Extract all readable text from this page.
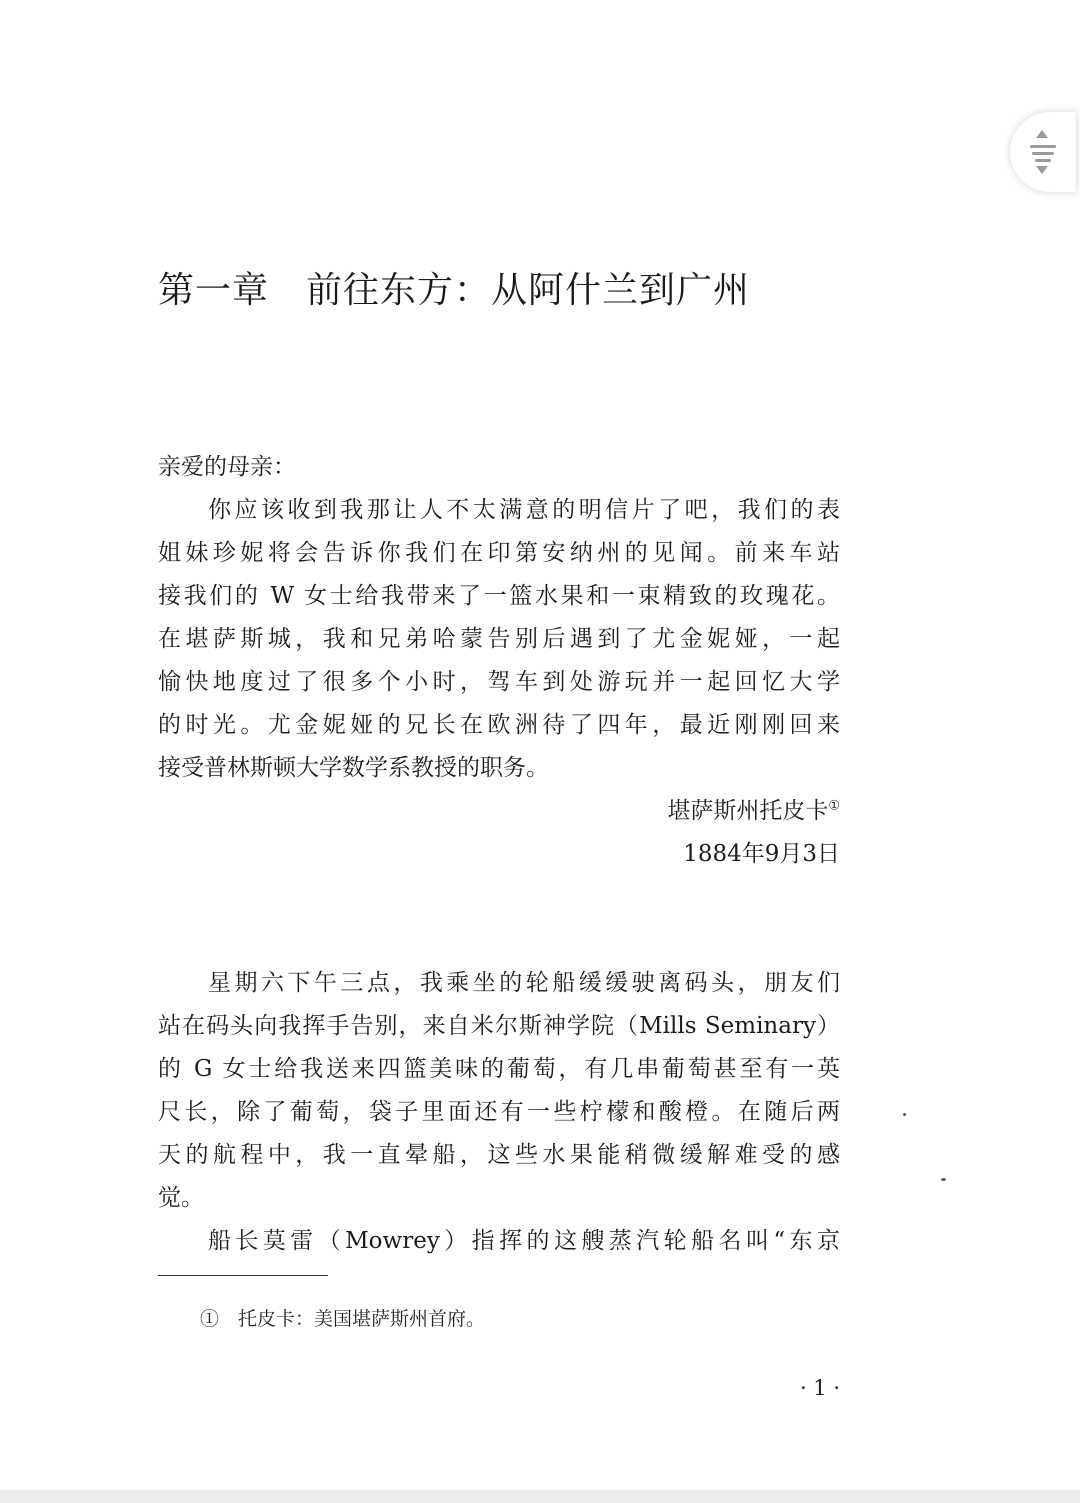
第一章　前往东方：从阿什兰到广州
亲爱的母亲：
你应该收到我那让人不太满意的明信片了吧，我们的表
姐妹珍妮将会告诉你我们在印第安纳州的见闻。前来车站
接我们的 W 女士给我带来了一篮水果和一束精致的玫瑰花。
在堪萨斯城，我和兄弟哈蒙告别后遇到了尤金妮娅，一起
愉快地度过了很多个小时，驾车到处游玩并一起回忆大学
的时光。尤金妮娅的兄长在欧洲待了四年，最近刚刚回来
接受普林斯顿大学数学系教授的职务。
堪萨斯州托皮卡①
1884年9月3日
星期六下午三点，我乘坐的轮船缓缓驶离码头，朋友们
站在码头向我挥手告别，来自米尔斯神学院（Mills Seminary）
的 G 女士给我送来四篮美味的葡萄，有几串葡萄甚至有一英
尺长，除了葡萄，袋子里面还有一些柠檬和酸橙。在随后两
天的航程中，我一直晕船，这些水果能稍微缓解难受的感
觉。
船长莫雷（Mowrey）指挥的这艘蒸汽轮船名叫“东京
①　托皮卡：美国堪萨斯州首府。
· 1 ·
